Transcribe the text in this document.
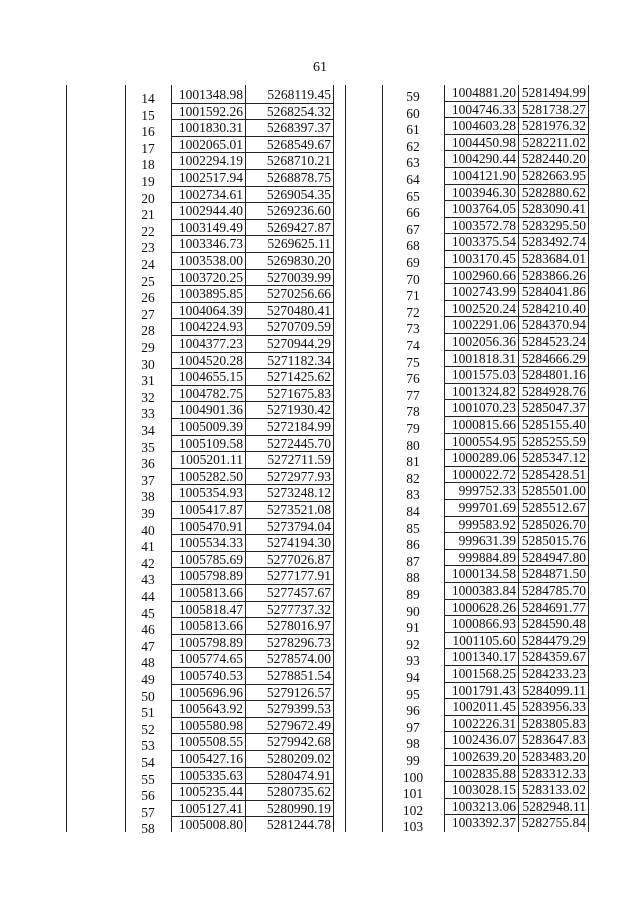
61
14	1001348.98	5268119.45
15	1001592.26	5268254.32
16	1001830.31	5268397.37
17	1002065.01	5268549.67
18	1002294.19	5268710.21
19	1002517.94	5268878.75
20	1002734.61	5269054.35
21	1002944.40	5269236.60
22	1003149.49	5269427.87
23	1003346.73	5269625.11
24	1003538.00	5269830.20
25	1003720.25	5270039.99
26	1003895.85	5270256.66
27	1004064.39	5270480.41
28	1004224.93	5270709.59
29	1004377.23	5270944.29
30	1004520.28	5271182.34
31	1004655.15	5271425.62
32	1004782.75	5271675.83
33	1004901.36	5271930.42
34	1005009.39	5272184.99
35	1005109.58	5272445.70
36	1005201.11	5272711.59
37	1005282.50	5272977.93
38	1005354.93	5273248.12
39	1005417.87	5273521.08
40	1005470.91	5273794.04
41	1005534.33	5274194.30
42	1005785.69	5277026.87
43	1005798.89	5277177.91
44	1005813.66	5277457.67
45	1005818.47	5277737.32
46	1005813.66	5278016.97
47	1005798.89	5278296.73
48	1005774.65	5278574.00
49	1005740.53	5278851.54
50	1005696.96	5279126.57
51	1005643.92	5279399.53
52	1005580.98	5279672.49
53	1005508.55	5279942.68
54	1005427.16	5280209.02
55	1005335.63	5280474.91
56	1005235.44	5280735.62
57	1005127.41	5280990.19
58	1005008.80	5281244.78
59	1004881.20 5281494.99
60	1004746.33 5281738.27
61	1004603.28 5281976.32
62	1004450.98 5282211.02
63	1004290.44 5282440.20
64	1004121.90 5282663.95
65	1003946.30 5282880.62
66	1003764.05 5283090.41
67	1003572.78 5283295.50
68	1003375.54 5283492.74
69	1003170.45 5283684.01
70	1002960.66 5283866.26
71	1002743.99 5284041.86
72	1002520.24 5284210.40
73	1002291.06 5284370.94
74	1002056.36 5284523.24
75	1001818.31 5284666.29
76	1001575.03 5284801.16
77	1001324.82 5284928.76
78	1001070.23 5285047.37
79	1000815.66 5285155.40
80	1000554.95 5285255.59
81	1000289.06 5285347.12
82	1000022.72 5285428.51
83	999752.33 5285501.00
84	999701.69 5285512.67
85	999583.92 5285026.70
86	999631.39 5285015.76
87	999884.89 5284947.80
88	1000134.58 5284871.50
89	1000383.84 5284785.70
90	1000628.26 5284691.77
91	1000866.93 5284590.48
92	1001105.60 5284479.29
93	1001340.17 5284359.67
94	1001568.25 5284233.23
95	1001791.43 5284099.11
96	1002011.45 5283956.33
97	1002226.31 5283805.83
98	1002436.07 5283647.83
99	1002639.20 5283483.20
100	1002835.88 5283312.33
101	1003028.15 5283133.02
102	1003213.06 5282948.11
103	1003392.37 5282755.84
